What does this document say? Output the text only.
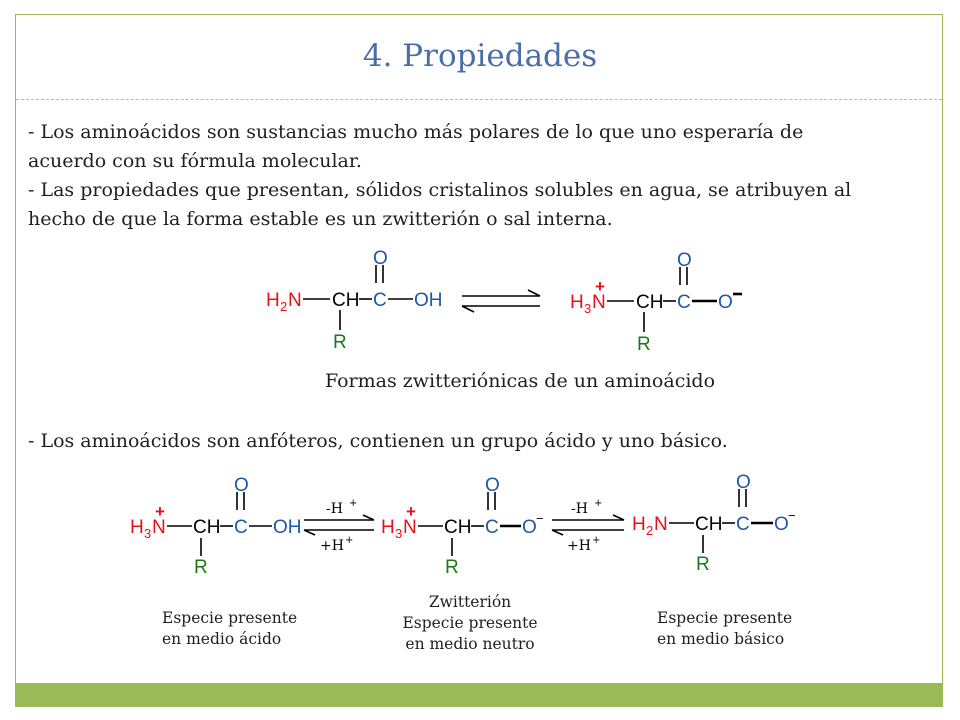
4. Propiedades
- Los aminoácidos son sustancias mucho más polares de lo que uno esperaría de
acuerdo con su fórmula molecular.
- Las propiedades que presentan, sólidos cristalinos solubles en agua, se atribuyen al
hecho de que la forma estable es un zwitterión o sal interna.
H 2 N CH C
O
OH
R
H 3 N
+
CH C
O
O
R
Formas zwitteriónicas de un aminoácido
- Los aminoácidos son anfóteros, contienen un grupo ácido y uno básico.
H 3 N
+
CH C
O
OH
R
-H +
+H +
H 3 N
+
CH C
O
O −
R
-H +
+H +
H 2 N CH C
O
O −
R
Especie presente
en medio ácido
Zwitterión
Especie presente
en medio neutro
Especie presente
en medio básico
